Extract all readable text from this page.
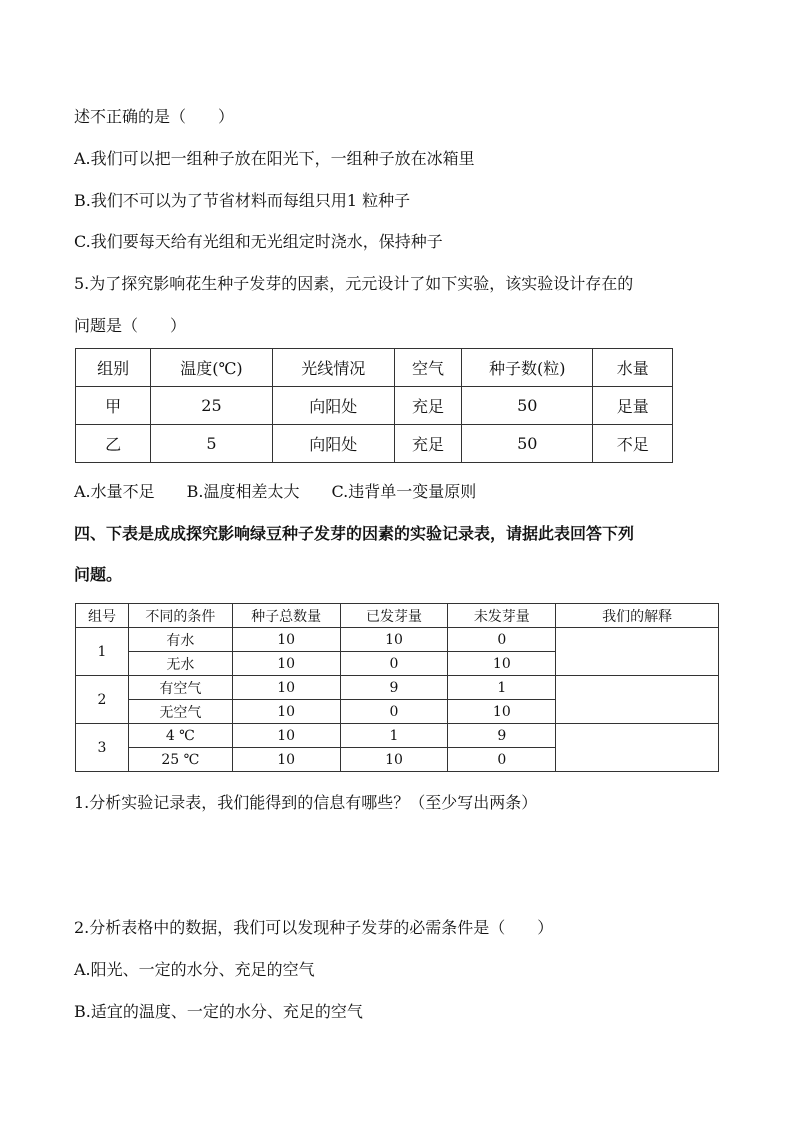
述不正确的是（　　）
A.我们可以把一组种子放在阳光下，一组种子放在冰箱里
B.我们不可以为了节省材料而每组只用1 粒种子
C.我们要每天给有光组和无光组定时浇水，保持种子
5.为了探究影响花生种子发芽的因素，元元设计了如下实验，该实验设计存在的
问题是（　　）
组别	温度(℃)	光线情况	空气	种子数(粒)	水量
甲	25	向阳处	充足	50	足量
乙	5	向阳处	充足	50	不足
A.水量不足　　B.温度相差太大　　C.违背单一变量原则
四、下表是成成探究影响绿豆种子发芽的因素的实验记录表，请据此表回答下列
问题。
组号	不同的条件	种子总数量	已发芽量	未发芽量	我们的解释
1	有水	10	10	0	
	无水	10	0	10	
2	有空气	10	9	1	
	无空气	10	0	10	
3	4 ℃	10	1	9	
	25 ℃	10	10	0	
1.分析实验记录表，我们能得到的信息有哪些？（至少写出两条）
2.分析表格中的数据，我们可以发现种子发芽的必需条件是（　　）
A.阳光、一定的水分、充足的空气
B.适宜的温度、一定的水分、充足的空气
